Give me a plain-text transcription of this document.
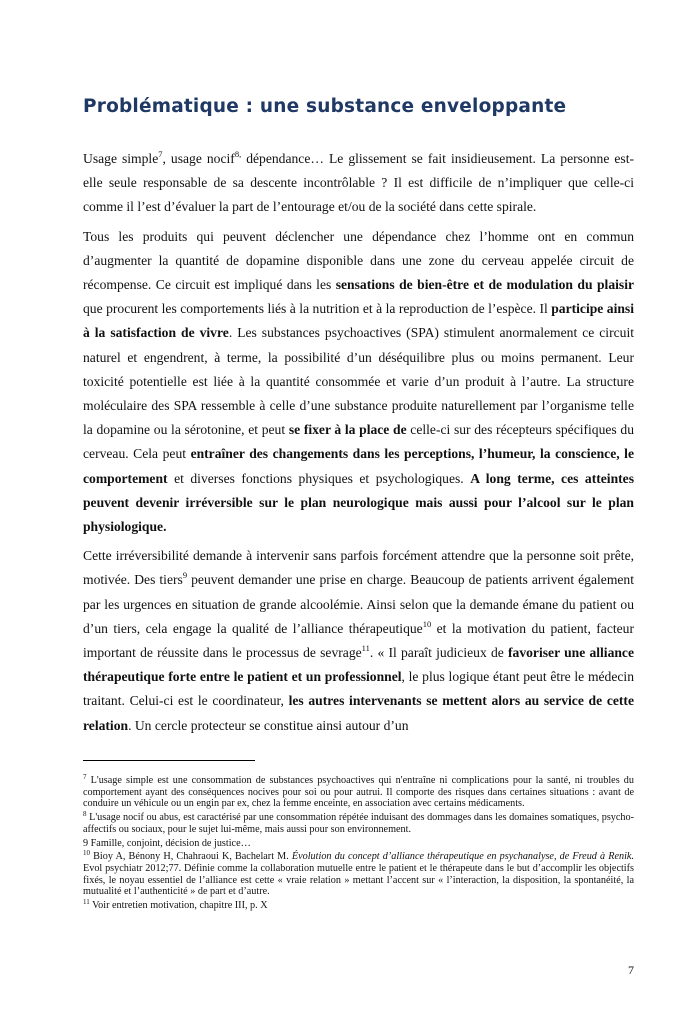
Problématique : une substance enveloppante

Usage simple$^7$, usage nocif$^{8,}$ dépendance… Le glissement se fait insidieusement. La personne est-elle seule responsable de sa descente incontrôlable ? Il est difficile de n’impliquer que celle-ci comme il l’est d’évaluer la part de l’entourage et/ou de la société dans cette spirale.

Tous les produits qui peuvent déclencher une dépendance chez l’homme ont en commun d’augmenter la quantité de dopamine disponible dans une zone du cerveau appelée circuit de récompense. Ce circuit est impliqué dans les sensations de bien-être et de modulation du plaisir que procurent les comportements liés à la nutrition et à la reproduction de l’espèce. Il participe ainsi à la satisfaction de vivre. Les substances psychoactives (SPA) stimulent anormalement ce circuit naturel et engendrent, à terme, la possibilité d’un déséquilibre plus ou moins permanent. Leur toxicité potentielle est liée à la quantité consommée et varie d’un produit à l’autre. La structure moléculaire des SPA ressemble à celle d’une substance produite naturellement par l’organisme telle la dopamine ou la sérotonine, et peut se fixer à la place de celle-ci sur des récepteurs spécifiques du cerveau. Cela peut entraîner des changements dans les perceptions, l’humeur, la conscience, le comportement et diverses fonctions physiques et psychologiques. A long terme, ces atteintes peuvent devenir irréversible sur le plan neurologique mais aussi pour l’alcool sur le plan physiologique.

Cette irréversibilité demande à intervenir sans parfois forcément attendre que la personne soit prête, motivée. Des tiers$^9$ peuvent demander une prise en charge. Beaucoup de patients arrivent également par les urgences en situation de grande alcoolémie. Ainsi selon que la demande émane du patient ou d’un tiers, cela engage la qualité de l’alliance thérapeutique$^{10}$ et la motivation du patient, facteur important de réussite dans le processus de sevrage$^{11}$. « Il paraît judicieux de favoriser une alliance thérapeutique forte entre le patient et un professionnel, le plus logique étant peut être le médecin traitant. Celui-ci est le coordinateur, les autres intervenants se mettent alors au service de cette relation. Un cercle protecteur se constitue ainsi autour d’un

$^7$ L'usage simple est une consommation de substances psychoactives qui n'entraîne ni complications pour la santé, ni troubles du comportement ayant des conséquences nocives pour soi ou pour autrui. Il comporte des risques dans certaines situations : avant de conduire un véhicule ou un engin par ex, chez la femme enceinte, en association avec certains médicaments.

$^8$ L'usage nocif ou abus, est caractérisé par une consommation répétée induisant des dommages dans les domaines somatiques, psycho-affectifs ou sociaux, pour le sujet lui-même, mais aussi pour son environnement.

9 Famille, conjoint, décision de justice…

$^{10}$ Bioy A, Bénony H, Chahraoui K, Bachelart M. Évolution du concept d’alliance thérapeutique en psychanalyse, de Freud à Renik. Evol psychiatr 2012;77. Définie comme la collaboration mutuelle entre le patient et le thérapeute dans le but d’accomplir les objectifs fixés, le noyau essentiel de l’alliance est cette « vraie relation » mettant l’accent sur « l’interaction, la disposition, la spontanéité, la mutualité et l’authenticité » de part et d’autre.

$^{11}$ Voir entretien motivation, chapitre III, p. X

7
